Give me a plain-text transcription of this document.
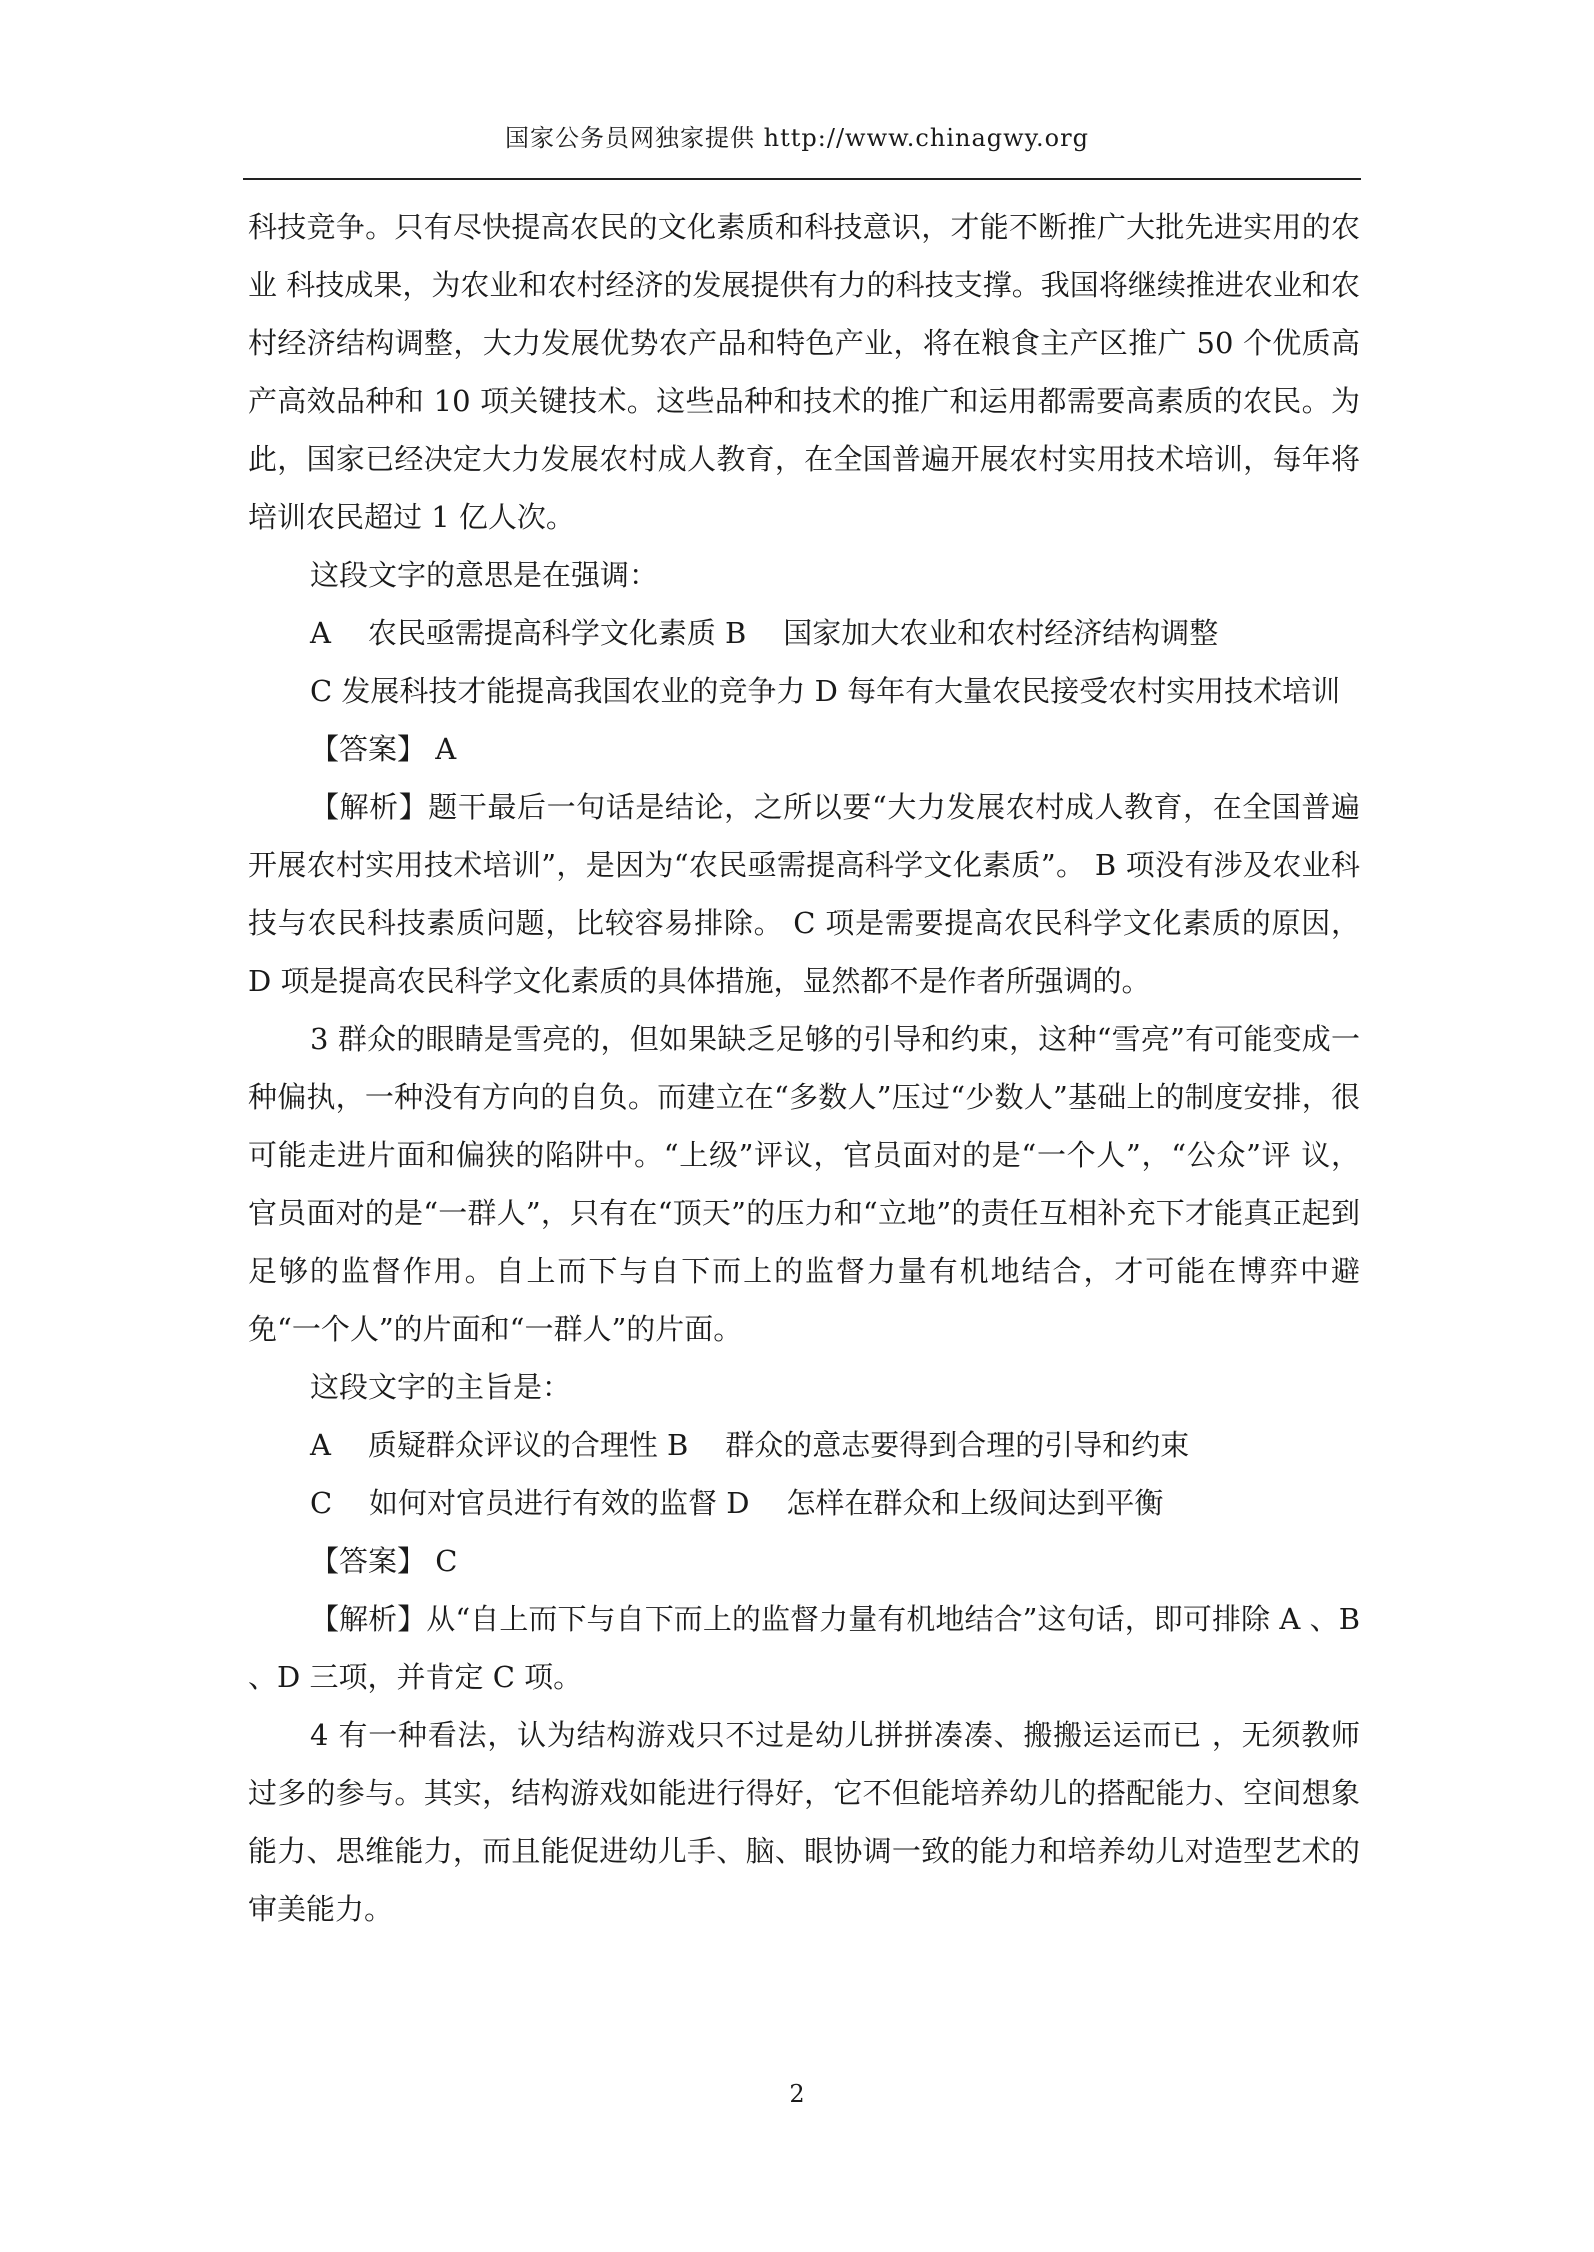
国家公务员网独家提供 http://www.chinagwy.org

科技竞争。只有尽快提高农民的文化素质和科技意识，才能不断推广大批先进实用的农业 科技成果，为农业和农村经济的发展提供有力的科技支撑。我国将继续推进农业和农村经济结构调整，大力发展优势农产品和特色产业，将在粮食主产区推广 50 个优质高产高效品种和 10 项关键技术。这些品种和技术的推广和运用都需要高素质的农民。为此，国家已经决定大力发展农村成人教育，在全国普遍开展农村实用技术培训，每年将培训农民超过 1 亿人次。

这段文字的意思是在强调：

A    农民亟需提高科学文化素质 B    国家加大农业和农村经济结构调整

C 发展科技才能提高我国农业的竞争力 D 每年有大量农民接受农村实用技术培训

【答案】 A

【解析】题干最后一句话是结论，之所以要“大力发展农村成人教育，在全国普遍开展农村实用技术培训”，是因为“农民亟需提高科学文化素质”。 B 项没有涉及农业科技与农民科技素质问题，比较容易排除。 C 项是需要提高农民科学文化素质的原因， D 项是提高农民科学文化素质的具体措施，显然都不是作者所强调的。

3 群众的眼睛是雪亮的，但如果缺乏足够的引导和约束，这种“雪亮”有可能变成一种偏执，一种没有方向的自负。而建立在“多数人”压过“少数人”基础上的制度安排，很可能走进片面和偏狭的陷阱中。“上级”评议，官员面对的是“一个人”，“公众”评 议，官员面对的是“一群人”，只有在“顶天”的压力和“立地”的责任互相补充下才能真正起到足够的监督作用。自上而下与自下而上的监督力量有机地结合，才可能在博弈中避免“一个人”的片面和“一群人”的片面。

这段文字的主旨是：

A    质疑群众评议的合理性 B    群众的意志要得到合理的引导和约束

C    如何对官员进行有效的监督 D    怎样在群众和上级间达到平衡

【答案】 C

【解析】从“自上而下与自下而上的监督力量有机地结合”这句话，即可排除 A 、B 、D 三项，并肯定 C 项。

4 有一种看法，认为结构游戏只不过是幼儿拼拼凑凑、搬搬运运而已 ，无须教师过多的参与。其实，结构游戏如能进行得好，它不但能培养幼儿的搭配能力、空间想象能力、思维能力，而且能促进幼儿手、脑、眼协调一致的能力和培养幼儿对造型艺术的审美能力。

2
